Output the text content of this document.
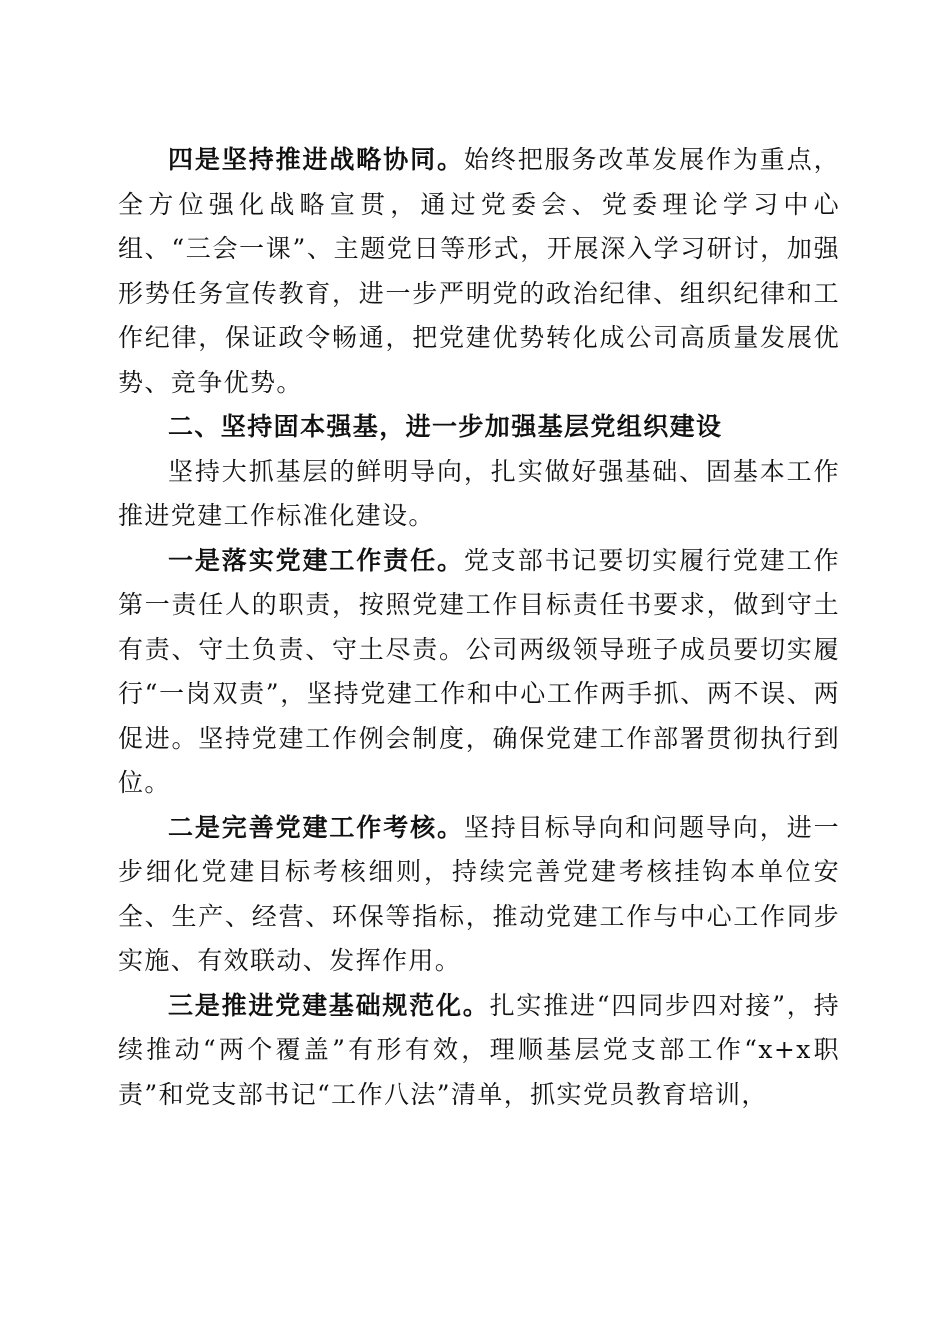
四是坚持推进战略协同。始终把服务改革发展作为重点，全方位强化战略宣贯，通过党委会、党委理论学习中心组、“三会一课”、主题党日等形式，开展深入学习研讨，加强形势任务宣传教育，进一步严明党的政治纪律、组织纪律和工作纪律，保证政令畅通，把党建优势转化成公司高质量发展优势、竞争优势。

二、坚持固本强基，进一步加强基层党组织建设

坚持大抓基层的鲜明导向，扎实做好强基础、固基本工作推进党建工作标准化建设。

一是落实党建工作责任。党支部书记要切实履行党建工作第一责任人的职责，按照党建工作目标责任书要求，做到守土有责、守土负责、守土尽责。公司两级领导班子成员要切实履行“一岗双责”，坚持党建工作和中心工作两手抓、两不误、两促进。坚持党建工作例会制度，确保党建工作部署贯彻执行到位。

二是完善党建工作考核。坚持目标导向和问题导向，进一步细化党建目标考核细则，持续完善党建考核挂钩本单位安全、生产、经营、环保等指标，推动党建工作与中心工作同步实施、有效联动、发挥作用。

三是推进党建基础规范化。扎实推进“四同步四对接”，持续推动“两个覆盖”有形有效，理顺基层党支部工作“x+x职责”和党支部书记“工作八法”清单，抓实党员教育培训，
